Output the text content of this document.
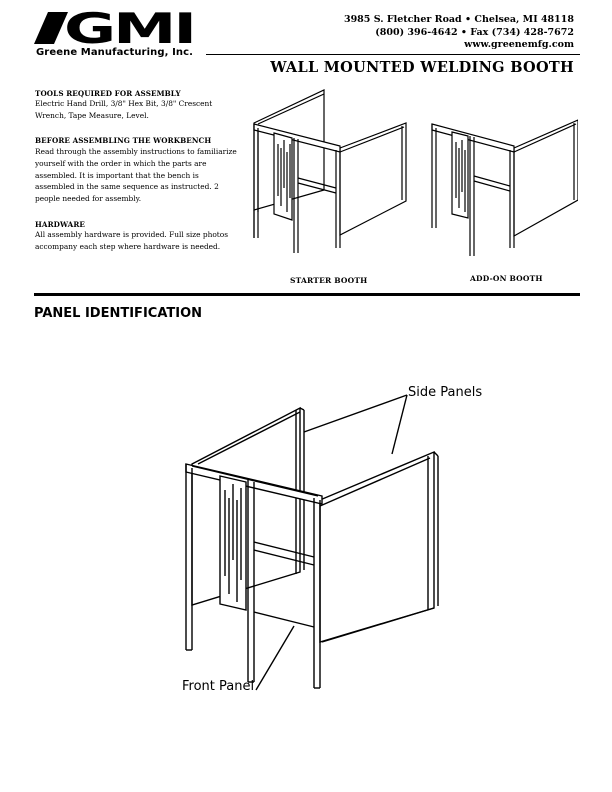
GMI
Greene Manufacturing, Inc.
3985 S. Fletcher Road • Chelsea, MI 48118
(800) 396-4642 • Fax (734) 428-7672
www.greenemfg.com
WALL MOUNTED WELDING BOOTH
TOOLS REQUIRED FOR ASSEMBLY
Electric Hand Drill, 3/8" Hex Bit, 3/8" Crescent Wrench, Tape Measure, Level.
BEFORE ASSEMBLING THE WORKBENCH
Read through the assembly instructions to familiarize yourself with the order in which the parts are assembled. It is important that the bench is assembled in the same sequence as instructed. 2 people needed for assembly.
HARDWARE
All assembly hardware is provided. Full size photos accompany each step where hardware is needed.
STARTER BOOTH	ADD-ON BOOTH
PANEL IDENTIFICATION
Side Panels
Front Panel
